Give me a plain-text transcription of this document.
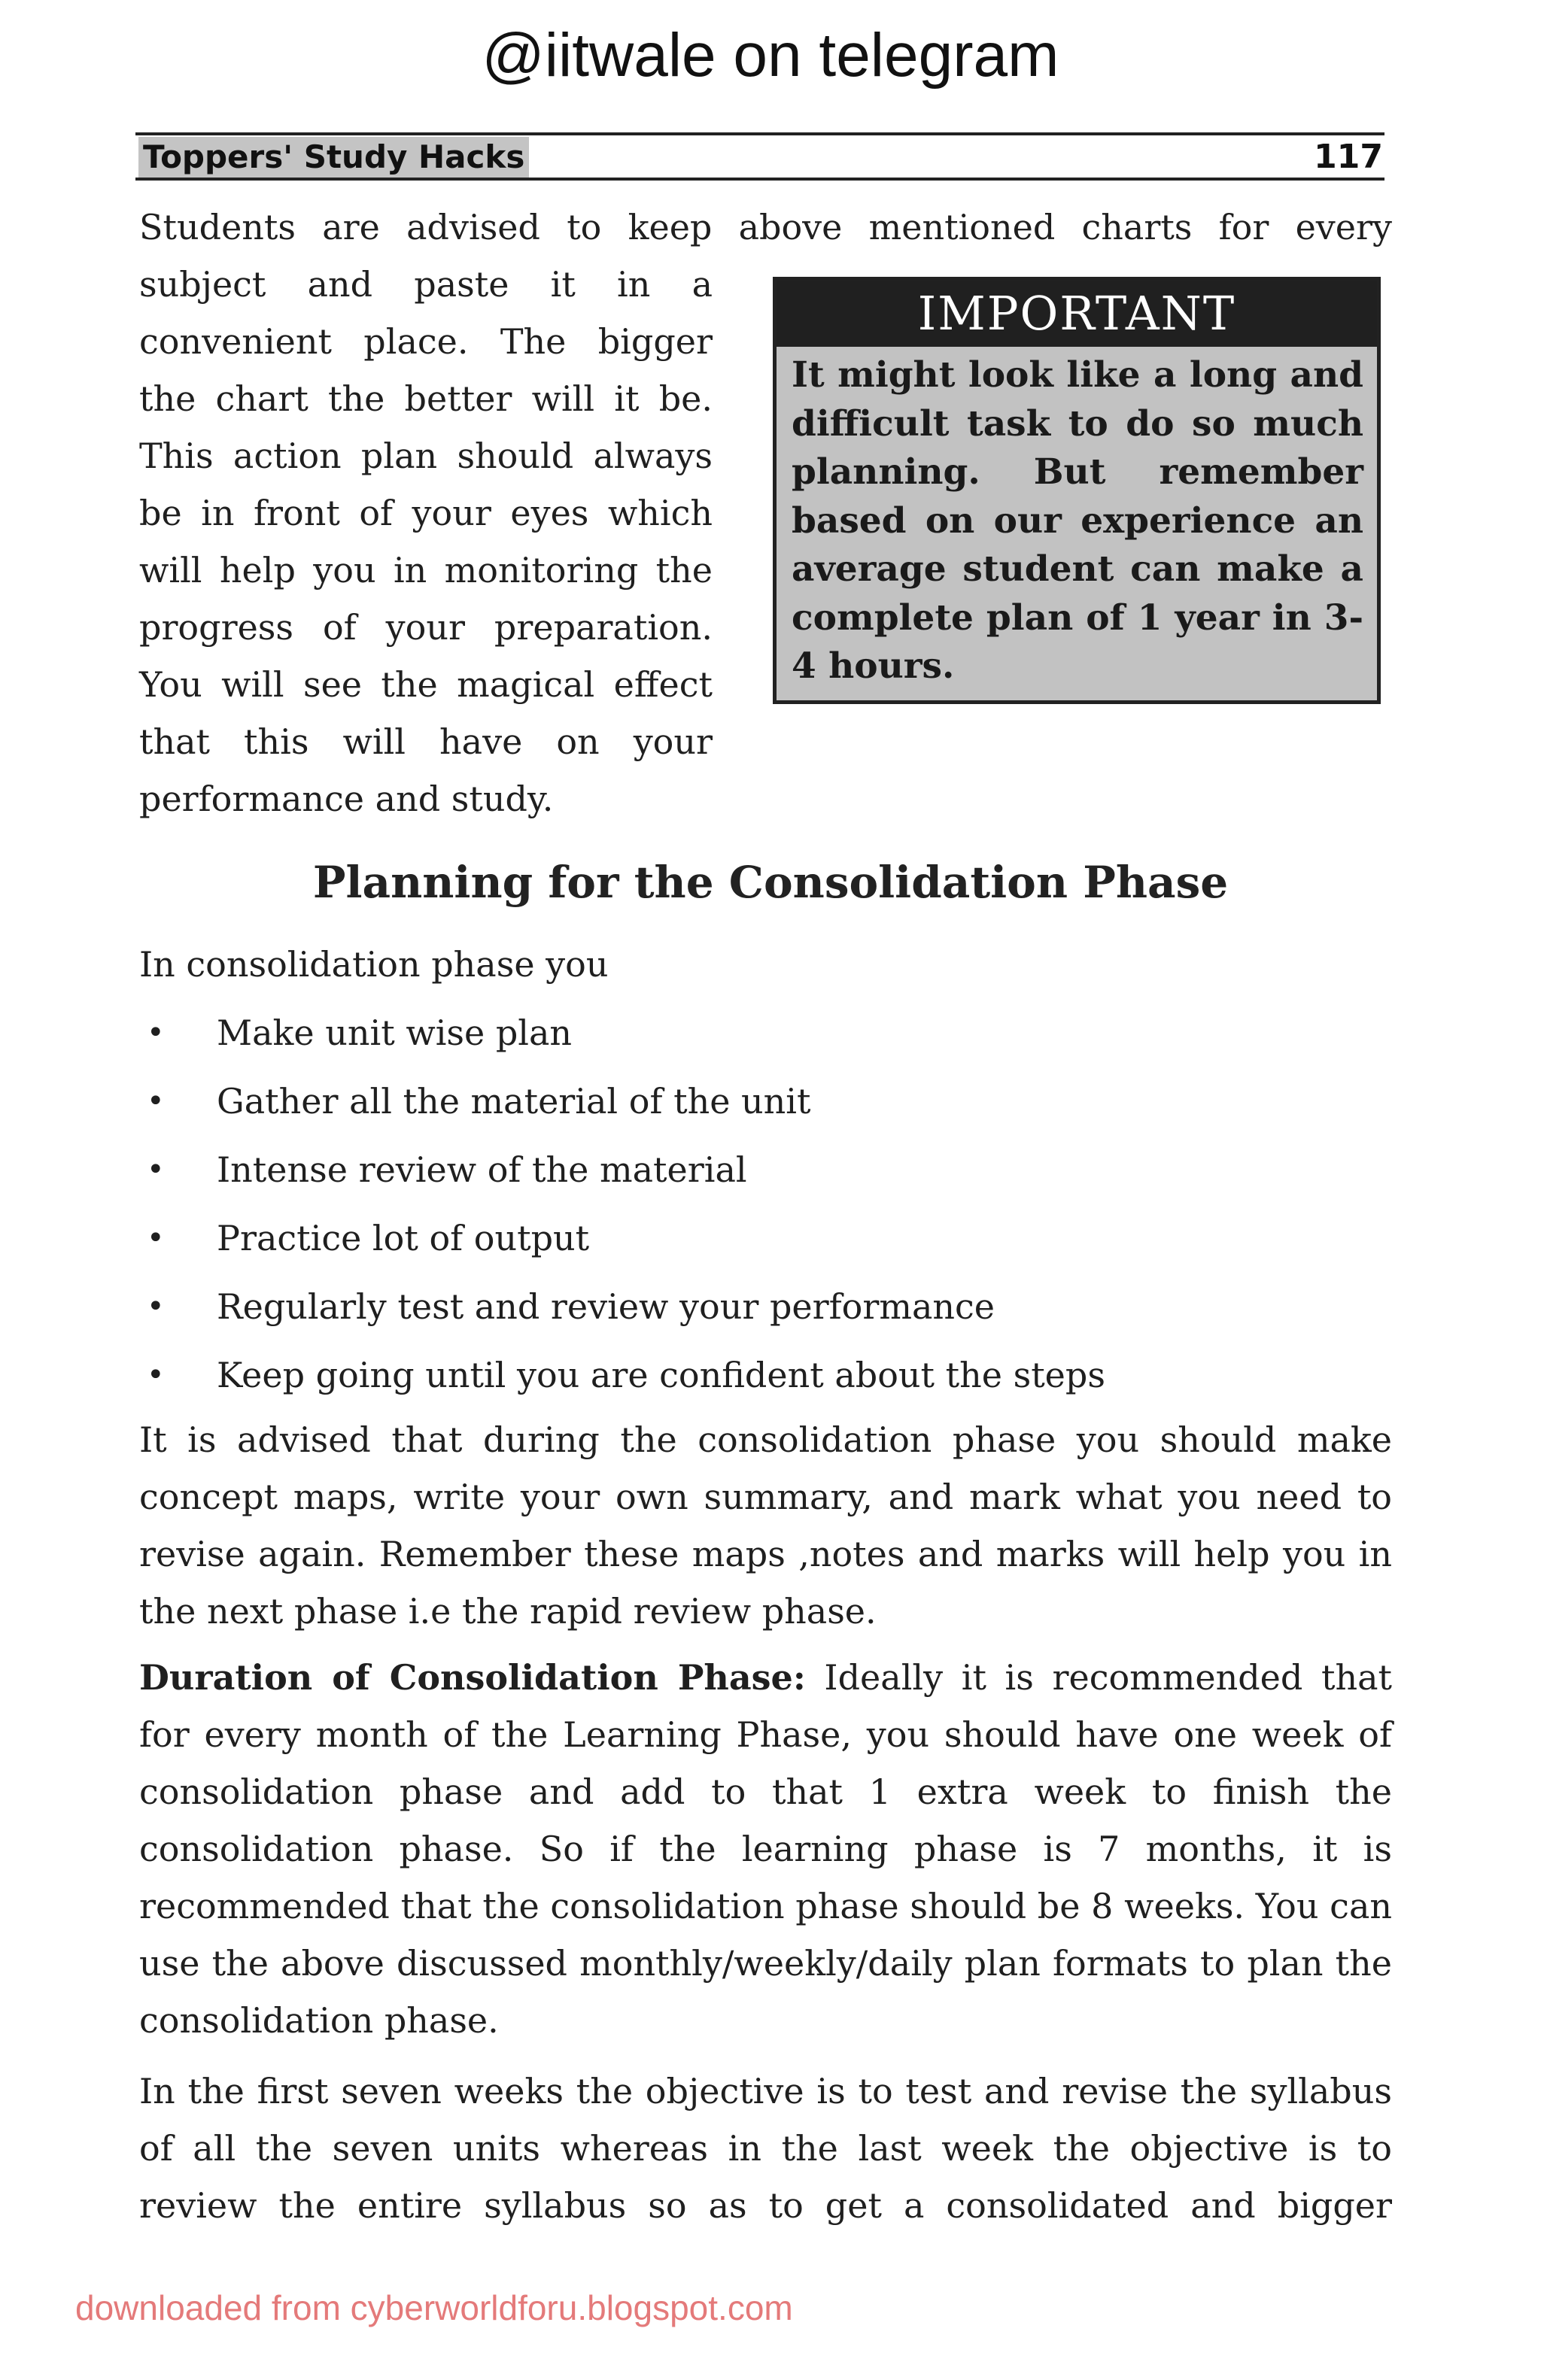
@iitwale on telegram
Toppers' Study Hacks	117

Students are advised to keep above mentioned charts for every

subject and paste it in a convenient place. The bigger the chart the better will it be. This action plan should always be in front of your eyes which will help you in monitoring the progress of your preparation. You will see the magical effect that this will have on your performance and study.

IMPORTANT
It might look like a long and difficult task to do so much planning. But remember based on our experience an average student can make a complete plan of 1 year in 3-4 hours.
Planning for the Consolidation Phase

In consolidation phase you

• Make unit wise plan
• Gather all the material of the unit
• Intense review of the material
• Practice lot of output
• Regularly test and review your performance
• Keep going until you are confident about the steps

It is advised that during the consolidation phase you should make concept maps, write your own summary, and mark what you need to revise again. Remember these maps ,notes and marks will help you in the next phase i.e the rapid review phase.

Duration of Consolidation Phase: Ideally it is recommended that for every month of the Learning Phase, you should have one week of consolidation phase and add to that 1 extra week to finish the consolidation phase. So if the learning phase is 7 months, it is recommended that the consolidation phase should be 8 weeks. You can use the above discussed monthly/weekly/daily plan formats to plan the consolidation phase.

In the first seven weeks the objective is to test and revise the syllabus of all the seven units whereas in the last week the objective is to review the entire syllabus so as to get a consolidated and bigger

downloaded from cyberworldforu.blogspot.com
